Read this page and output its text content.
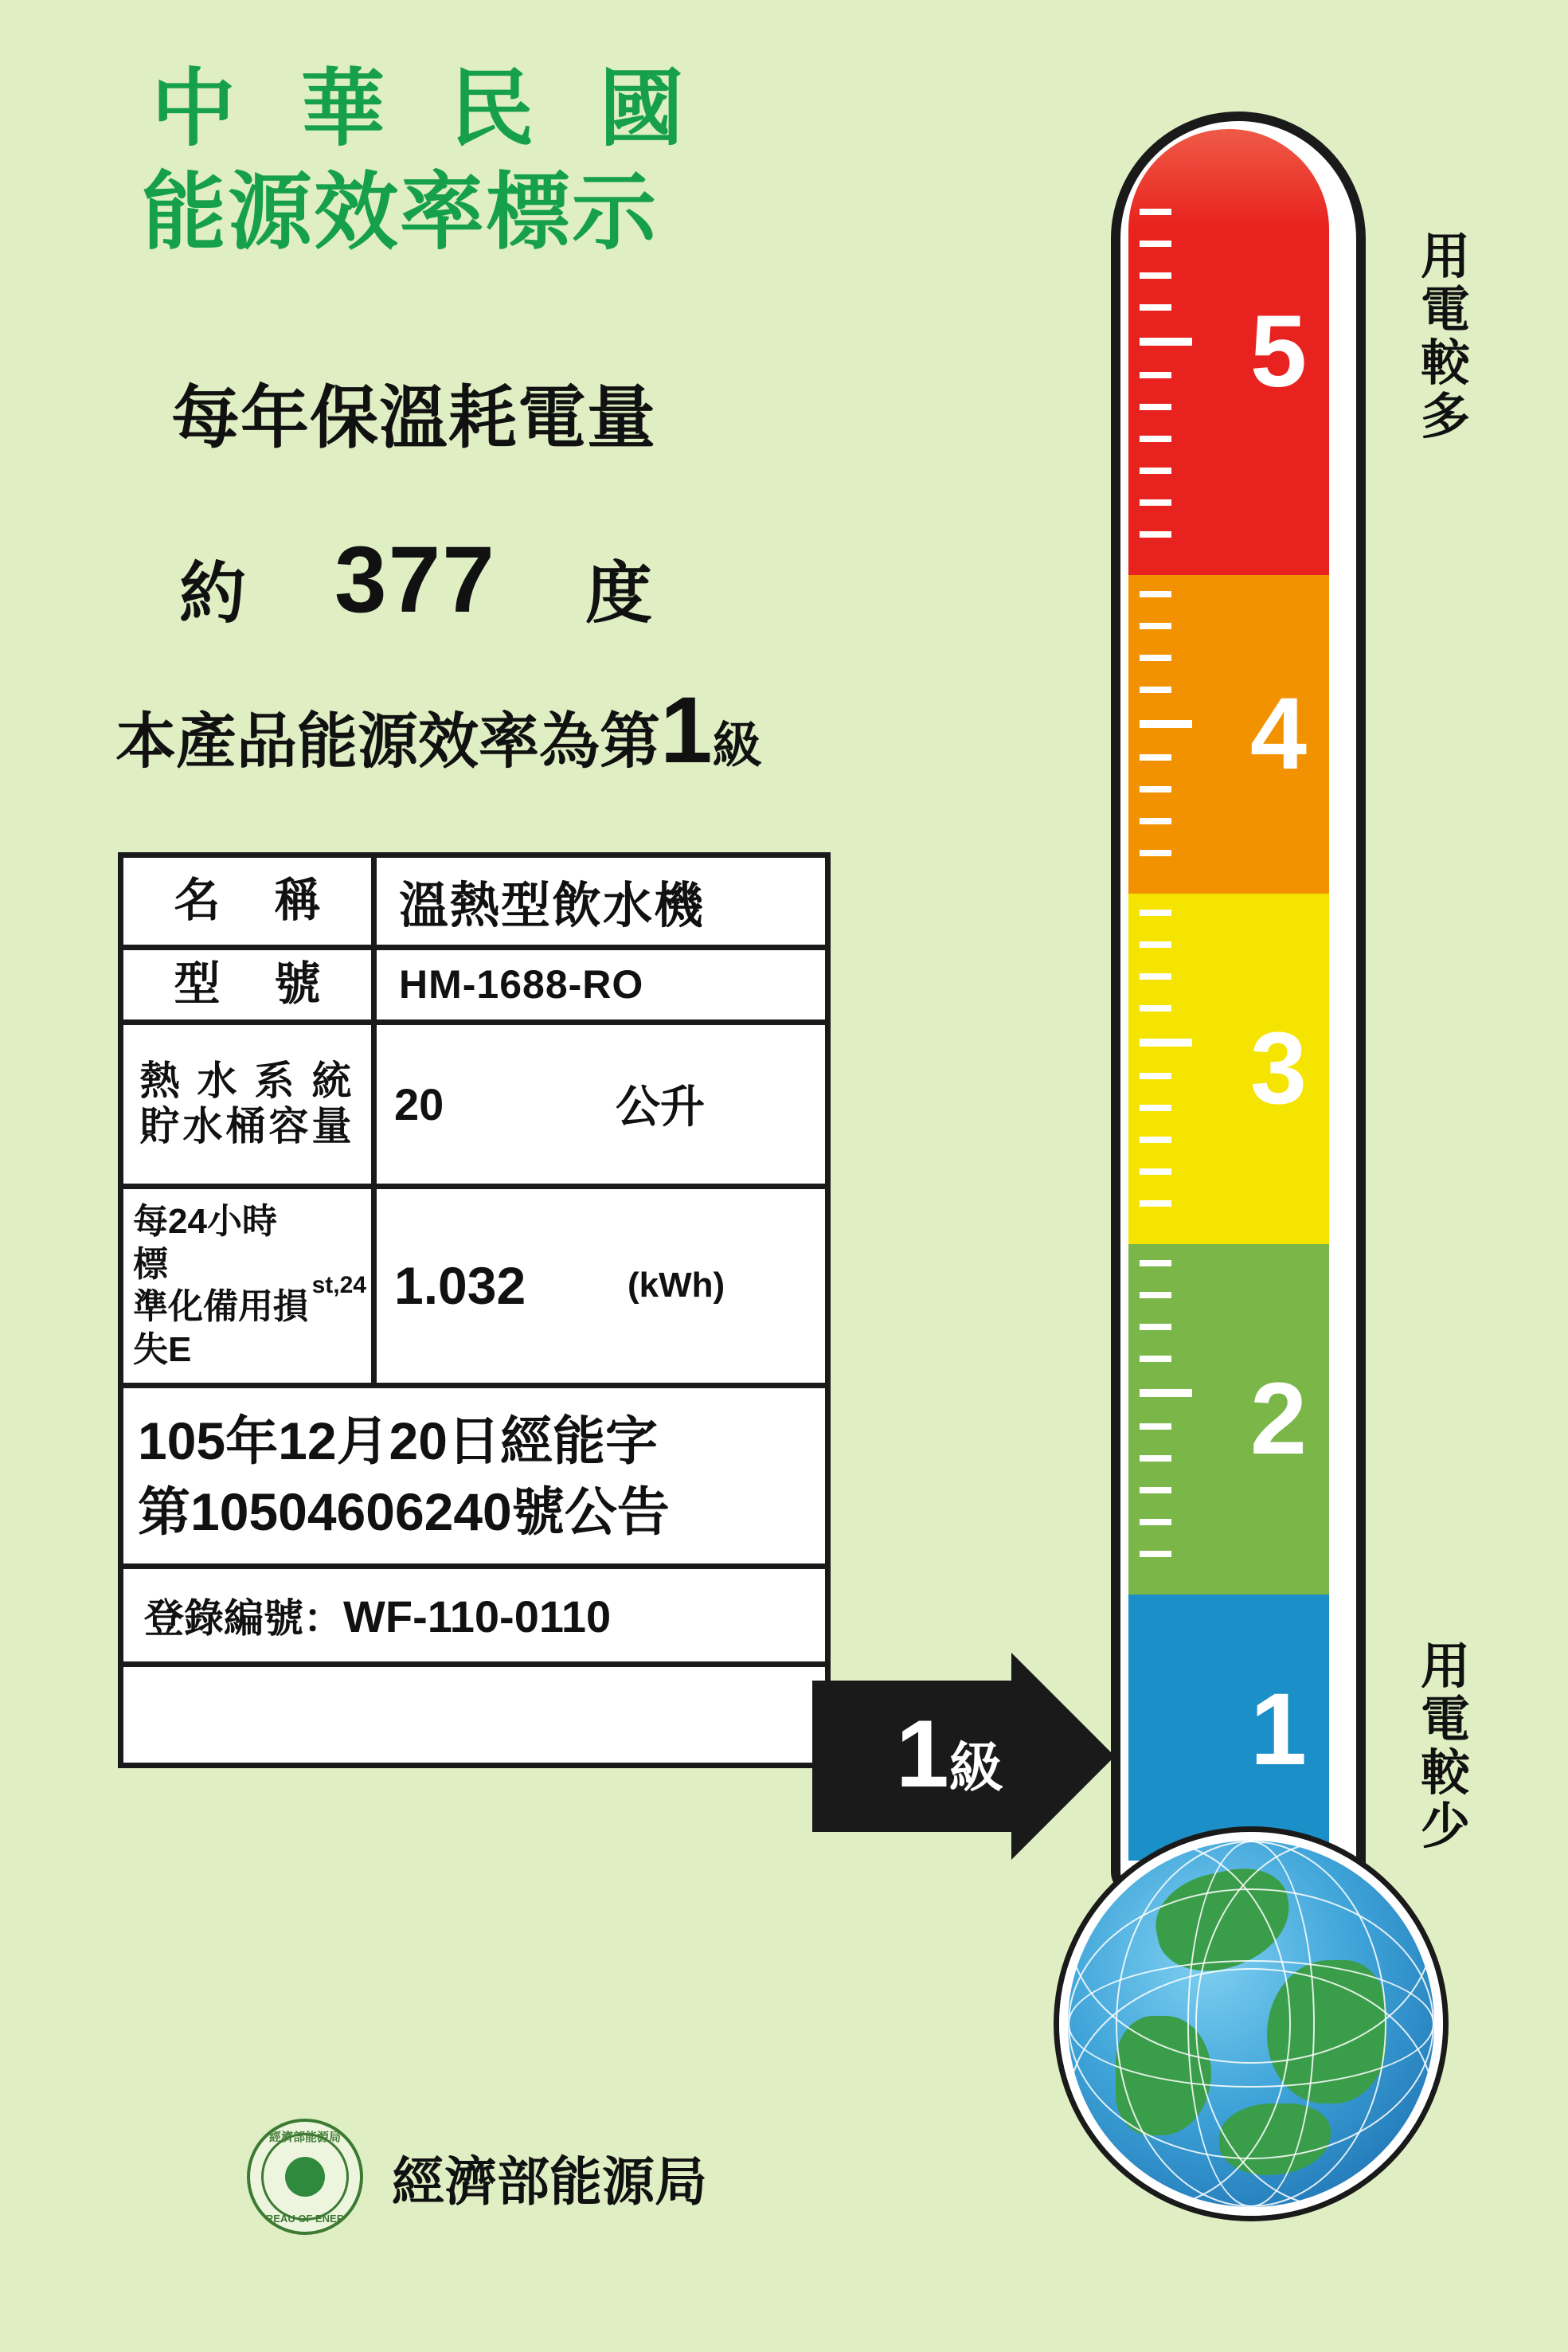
中 華 民 國
能源效率標示
每年保溫耗電量
約 377 度
本產品能源效率為第1級
名 稱	溫熱型飲水機
型 號	HM-1688-RO
熱 水 系 統
貯水桶容量 20	公升
每24小時標
準化備用損
失E
st,24 1.032	(kWh)
105年12月20日經能字
第10504606240號公告
登錄編號：WF-110-0110
經濟部能源局
BUREAU OF ENERGY
經濟部能源局
1級
5
4
3
2
1
用
電
較
多
用
電
較
少
